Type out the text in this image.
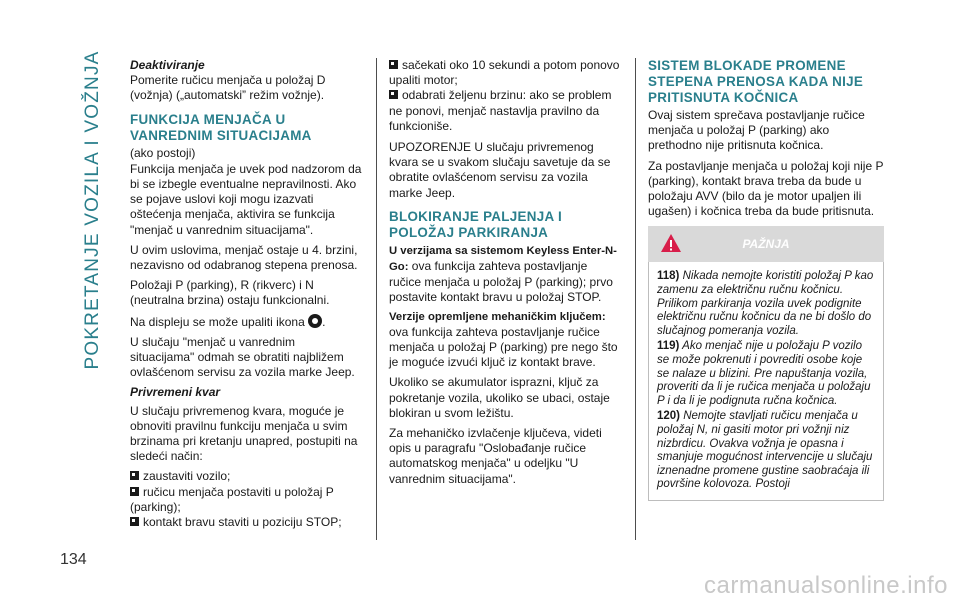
POKRETANJE VOZILA I VOŽNJA
134
carmanualsonline.info
Deaktiviranje

Pomerite ručicu menjača u položaj D (vožnja) („automatski” režim vožnje).

FUNKCIJA MENJAČA U VANREDNIM SITUACIJAMA

(ako postoji)

Funkcija menjača je uvek pod nadzorom da bi se izbegle eventualne nepravilnosti. Ako se pojave uslovi koji mogu izazvati oštećenja menjača, aktivira se funkcija "menjač u vanrednim situacijama".

U ovim uslovima, menjač ostaje u 4. brzini, nezavisno od odabranog stepena prenosa.

Položaji P (parking), R (rikverc) i N (neutralna brzina) ostaju funkcionalni.

Na displeju se može upaliti ikona .

U slučaju "menjač u vanrednim situacijama" odmah se obratiti najbližem ovlašćenom servisu za vozila marke Jeep.

Privremeni kvar

U slučaju privremenog kvara, moguće je obnoviti pravilnu funkciju menjača u svim brzinama pri kretanju unapred, postupiti na sledeći način:

zaustaviti vozilo;
ručicu menjača postaviti u položaj P (parking);
kontakt bravu staviti u poziciju STOP;
sačekati oko 10 sekundi a potom ponovo upaliti motor;
odabrati željenu brzinu: ako se problem ne ponovi, menjač nastavlja pravilno da funkcioniše.

UPOZORENJE U slučaju privremenog kvara se u svakom slučaju savetuje da se obratite ovlašćenom servisu za vozila marke Jeep.

BLOKIRANJE PALJENJA I POLOŽAJ PARKIRANJA
U verzijama sa sistemom Keyless Enter-N-Go: ova funkcija zahteva postavljanje ručice menjača u položaj P (parking); prvo postavite kontakt bravu u položaj STOP.
Verzije opremljene mehaničkim ključem:

ova funkcija zahteva postavljanje ručice menjača u položaj P (parking) pre nego što je moguće izvući ključ iz kontakt brave.

Ukoliko se akumulator isprazni, ključ za pokretanje vozila, ukoliko se ubaci, ostaje blokiran u svom ležištu.

Za mehaničko izvlačenje ključeva, videti opis u paragrafu "Oslobađanje ručice automatskog menjača" u odeljku "U vanrednim situacijama".

SISTEM BLOKADE PROMENE STEPENA PRENOSA KADA NIJE PRITISNUTA KOČNICA

Ovaj sistem sprečava postavljanje ručice menjača u položaj P (parking) ako prethodno nije pritisnuta kočnica.

Za postavljanje menjača u položaj koji nije P (parking), kontakt brava treba da bude u položaju AVV (bilo da je motor upaljen ili ugašen) i kočnica treba da bude pritisnuta.

PAŽNJA

118) Nikada nemojte koristiti položaj P kao zamenu za električnu ručnu kočnicu. Prilikom parkiranja vozila uvek podignite električnu ručnu kočnicu da ne bi došlo do slučajnog pomeranja vozila.

119) Ako menjač nije u položaju P vozilo se može pokrenuti i povrediti osobe koje se nalaze u blizini. Pre napuštanja vozila, proveriti da li je ručica menjača u položaju P i da li je podignuta ručna kočnica.

120) Nemojte stavljati ručicu menjača u položaj N, ni gasiti motor pri vožnji niz nizbrdicu. Ovakva vožnja je opasna i smanjuje mogućnost intervencije u slučaju iznenadne promene gustine saobraćaja ili površine kolovoza. Postoji
